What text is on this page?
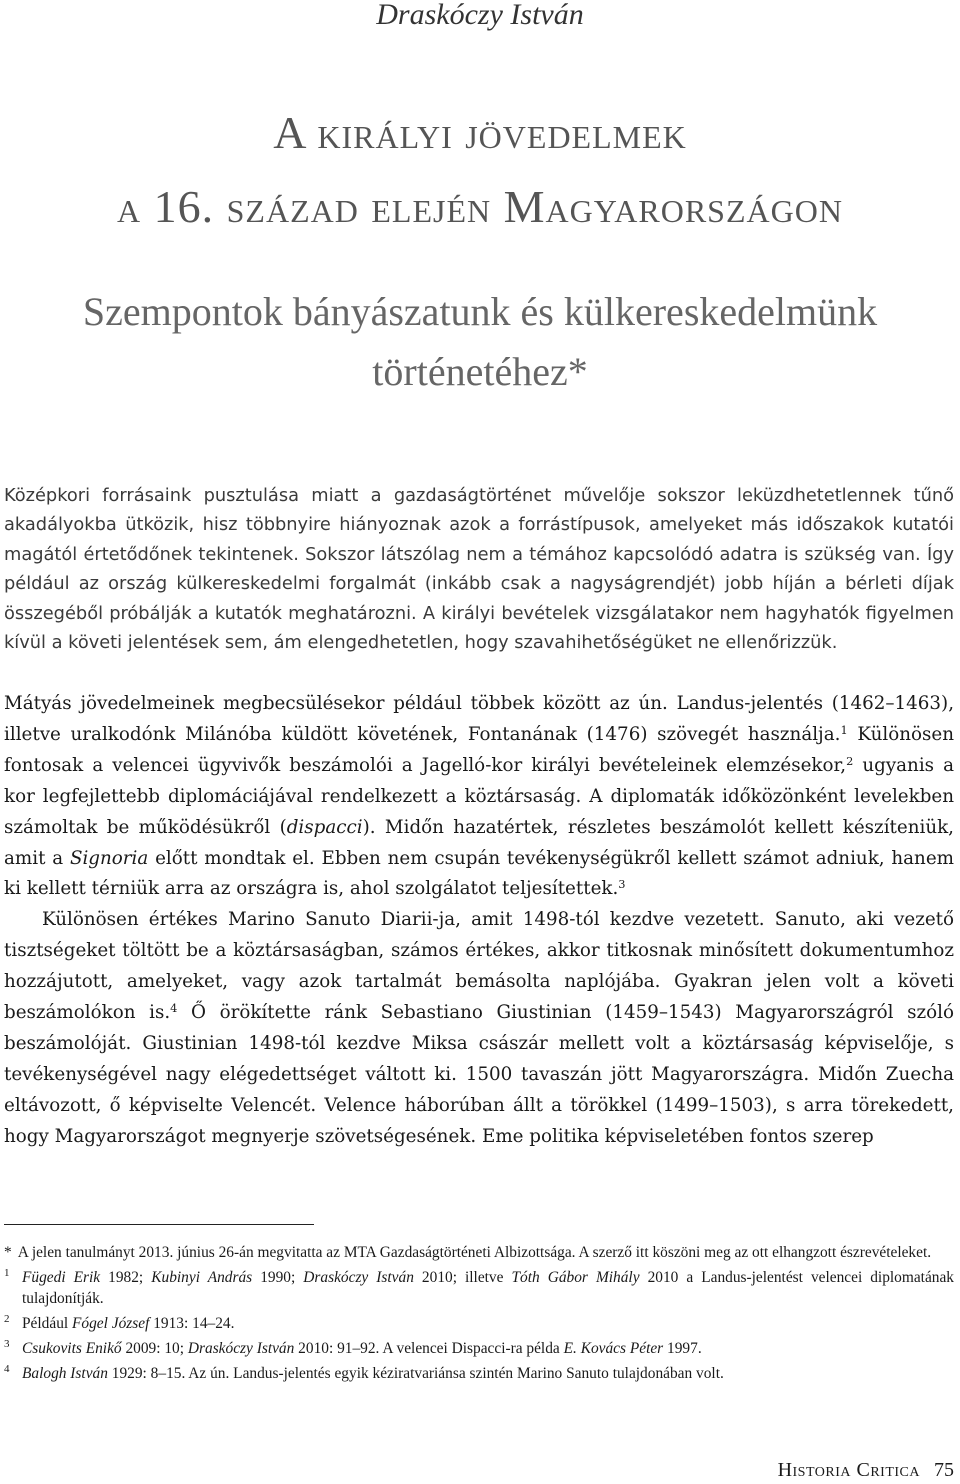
Draskóczy István
A királyi jövedelmek
a 16. század elején Magyarországon
Szempontok bányászatunk és külkereskedelmünk
történetéhez*

Középkori forrásaink pusztulása miatt a gazdaságtörténet művelője sokszor leküzdhetetlennek tűnő akadályokba ütközik, hisz többnyire hiányoznak azok a forrástípusok, amelyeket más időszakok kutatói magától értetődőnek tekintenek. Sokszor látszólag nem a témához kapcsolódó adatra is szükség van. Így például az ország külkereskedelmi forgalmát (inkább csak a nagyságrendjét) jobb híján a bérleti díjak összegéből próbálják a kutatók meghatározni. A királyi bevételek vizsgálatakor nem hagyhatók figyelmen kívül a követi jelentések sem, ám elengedhetetlen, hogy szavahihetőségüket ne ellenőrizzük.

Mátyás jövedelmeinek megbecsülésekor például többek között az ún. Landus-jelentés (1462–1463), illetve uralkodónk Milánóba küldött követének, Fontanának (1476) szövegét használja.$^1$ Különösen fontosak a velencei ügyvivők beszámolói a Jagelló-kor királyi bevételeinek elemzésekor,$^2$ ugyanis a kor legfejlettebb diplomáciájával rendelkezett a köztársaság. A diplomaták időközönként levelekben számoltak be működésükről (dispacci). Midőn hazatértek, részletes beszámolót kellett készíteniük, amit a Signoria előtt mondtak el. Ebben nem csupán tevékenységükről kellett számot adniuk, hanem ki kellett térniük arra az országra is, ahol szolgálatot teljesítettek.$^3$

Különösen értékes Marino Sanuto Diarii-ja, amit 1498-tól kezdve vezetett. Sanuto, aki vezető tisztségeket töltött be a köztársaságban, számos értékes, akkor titkosnak minősített dokumentumhoz hozzájutott, amelyeket, vagy azok tartalmát bemásolta naplójába. Gyakran jelen volt a követi beszámolókon is.$^4$ Ő örökítette ránk Sebastiano Giustinian (1459–1543) Magyarországról szóló beszámolóját. Giustinian 1498-tól kezdve Miksa császár mellett volt a köztársaság képviselője, s tevékenységével nagy elégedettséget váltott ki. 1500 tavaszán jött Magyarországra. Midőn Zuecha eltávozott, ő képviselte Velencét. Velence háborúban állt a törökkel (1499–1503), s arra törekedett, hogy Magyarországot megnyerje szövetségesének. Eme politika képviseletében fontos szerep

* A jelen tanulmányt 2013. június 26-án megvitatta az MTA Gazdaságtörténeti Albizottsága. A szerző itt köszöni meg az ott elhangzott észrevételeket.

1 Fügedi Erik 1982; Kubinyi András 1990; Draskóczy István 2010; illetve Tóth Gábor Mihály 2010 a Landus-jelentést velencei diplomatának tulajdonítják.

2 Például Fógel József 1913: 14–24.

3 Csukovits Enikő 2009: 10; Draskóczy István 2010: 91–92. A velencei Dispacci-ra példa E. Kovács Péter 1997.

4 Balogh István 1929: 8–15. Az ún. Landus-jelentés egyik kéziratvariánsa szintén Marino Sanuto tulajdonában volt.

Historia Critica 75
